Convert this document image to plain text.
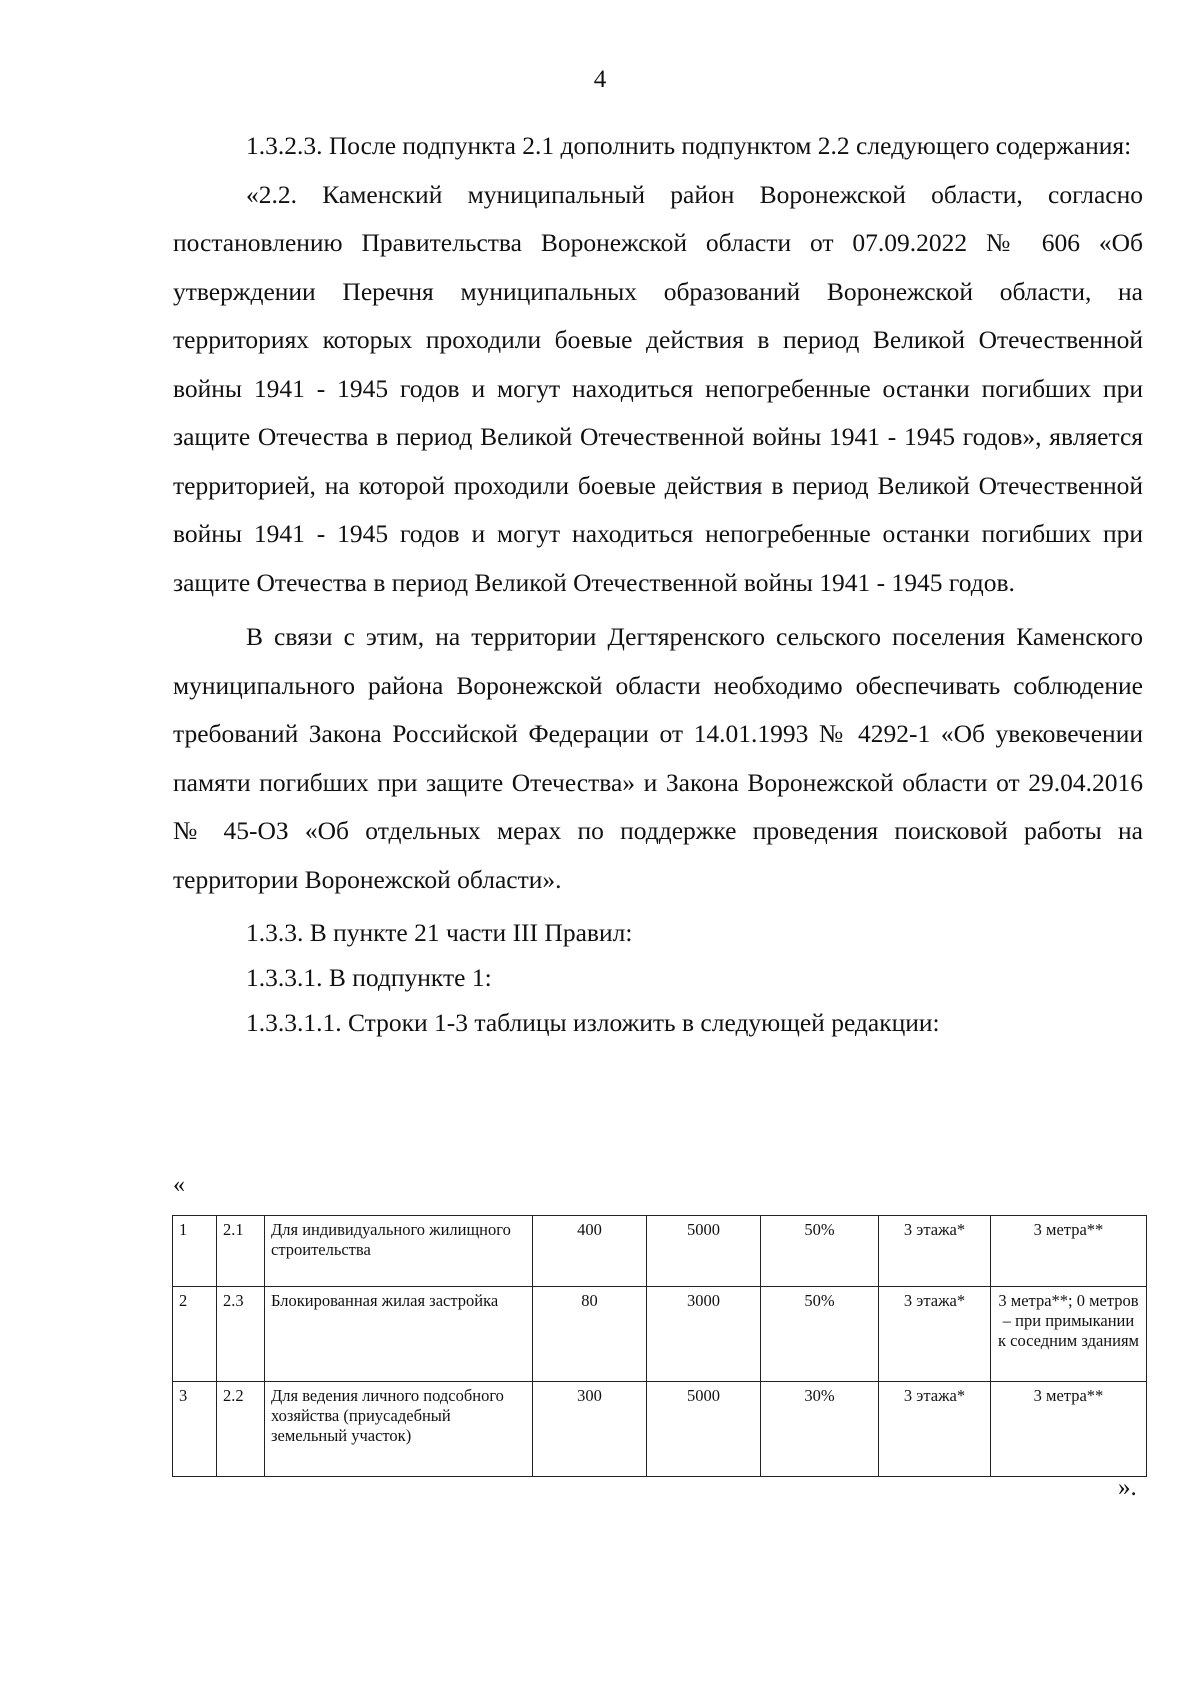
4

1.3.2.3. После подпункта 2.1 дополнить подпунктом 2.2 следующего содержания:

«2.2. Каменский муниципальный район Воронежской области, согласно постановлению Правительства Воронежской области от 07.09.2022 № 606 «Об утверждении Перечня муниципальных образований Воронежской области, на территориях которых проходили боевые действия в период Великой Отечественной войны 1941 - 1945 годов и могут находиться непогребенные останки погибших при защите Отечества в период Великой Отечественной войны 1941 - 1945 годов», является территорией, на которой проходили боевые действия в период Великой Отечественной войны 1941 - 1945 годов и могут находиться непогребенные останки погибших при защите Отечества в период Великой Отечественной войны 1941 - 1945 годов.

В связи с этим, на территории Дегтяренского сельского поселения Каменского муниципального района Воронежской области необходимо обеспечивать соблюдение требований Закона Российской Федерации от 14.01.1993 № 4292-1 «Об увековечении памяти погибших при защите Отечества» и Закона Воронежской области от 29.04.2016 № 45-ОЗ «Об отдельных мерах по поддержке проведения поисковой работы на территории Воронежской области».

1.3.3. В пункте 21 части III Правил:

1.3.3.1. В подпункте 1:

1.3.3.1.1. Строки 1-3 таблицы изложить в следующей редакции:

«
1	2.1	Для индивидуального жилищного строительства	400	5000	50%	3 этажа*	3 метра**
2	2.3	Блокированная жилая застройка	80	3000	50%	3 этажа*	3 метра**; 0 метров – при примыкании к соседним зданиям
3	2.2	Для ведения личного подсобного хозяйства (приусадебный земельный участок)	300	5000	30%	3 этажа*	3 метра**
».
